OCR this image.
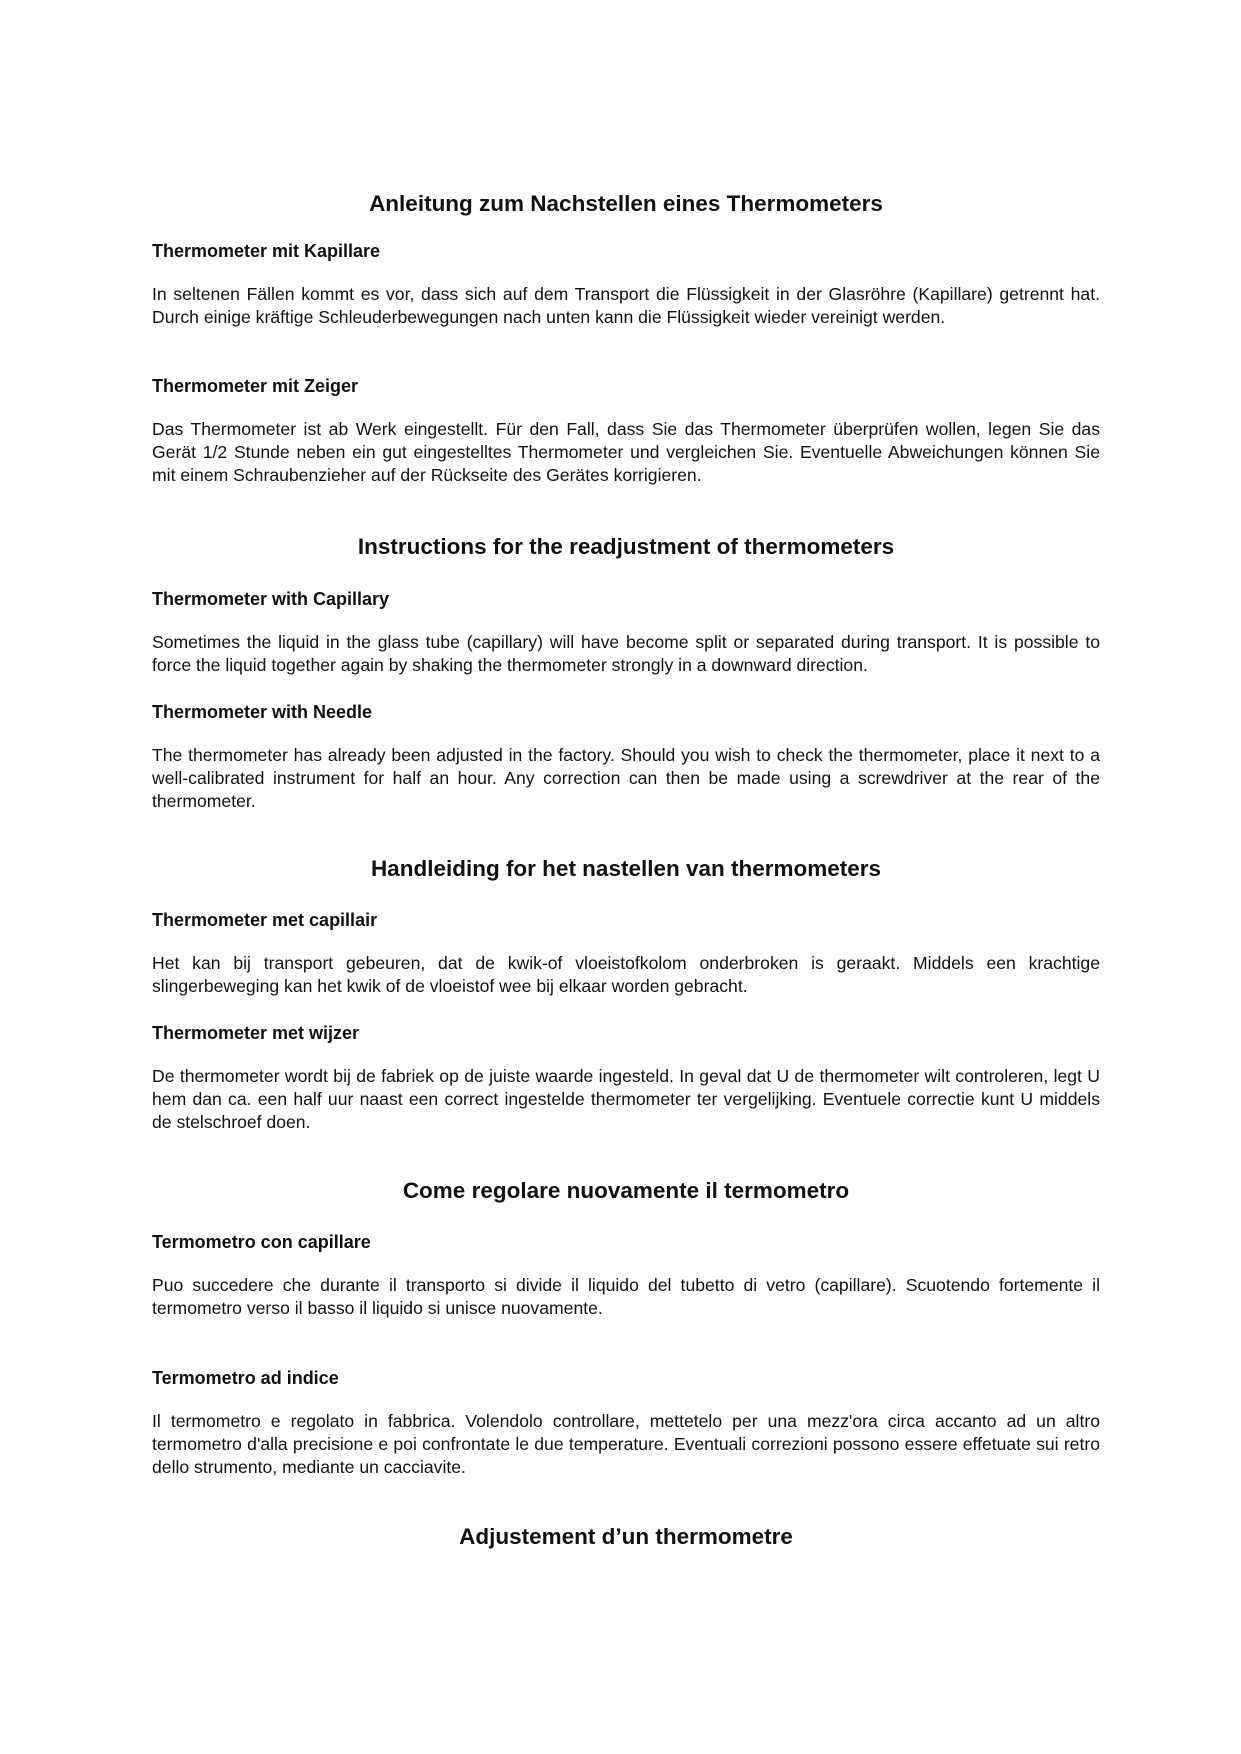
Anleitung zum Nachstellen eines Thermometers
Thermometer mit Kapillare

In seltenen Fällen kommt es vor, dass sich auf dem Transport die Flüssigkeit in der Glasröhre (Kapillare) getrennt hat. Durch einige kräftige Schleuderbewegungen nach unten kann die Flüssigkeit wieder vereinigt werden.

Thermometer mit Zeiger

Das Thermometer ist ab Werk eingestellt. Für den Fall, dass Sie das Thermometer überprüfen wollen, legen Sie das Gerät 1/2 Stunde neben ein gut eingestelltes Thermometer und vergleichen Sie. Eventuelle Abweichungen können Sie mit einem Schraubenzieher auf der Rückseite des Gerätes korrigieren.

Instructions for the readjustment of thermometers
Thermometer with Capillary

Sometimes the liquid in the glass tube (capillary) will have become split or separated during transport. It is possible to force the liquid together again by shaking the thermometer strongly in a downward direction.

Thermometer with Needle

The thermometer has already been adjusted in the factory. Should you wish to check the thermometer, place it next to a well-calibrated instrument for half an hour. Any correction can then be made using a screwdriver at the rear of the thermometer.

Handleiding for het nastellen van thermometers
Thermometer met capillair

Het kan bij transport gebeuren, dat de kwik-of vloeistofkolom onderbroken is geraakt. Middels een krachtige slingerbeweging kan het kwik of de vloeistof wee bij elkaar worden gebracht.

Thermometer met wijzer

De thermometer wordt bij de fabriek op de juiste waarde ingesteld. In geval dat U de thermometer wilt controleren, legt U hem dan ca. een half uur naast een correct ingestelde thermometer ter vergelijking. Eventuele correctie kunt U middels de stelschroef doen.

Come regolare nuovamente il termometro
Termometro con capillare

Puo succedere che durante il transporto si divide il liquido del tubetto di vetro (capillare). Scuotendo fortemente il termometro verso il basso il liquido si unisce nuovamente.

Termometro ad indice

Il termometro e regolato in fabbrica. Volendolo controllare, mettetelo per una mezz'ora circa accanto ad un altro termometro d'alla precisione e poi confrontate le due temperature. Eventuali correzioni possono essere effetuate sui retro dello strumento, mediante un cacciavite.

Adjustement d’un thermometre
